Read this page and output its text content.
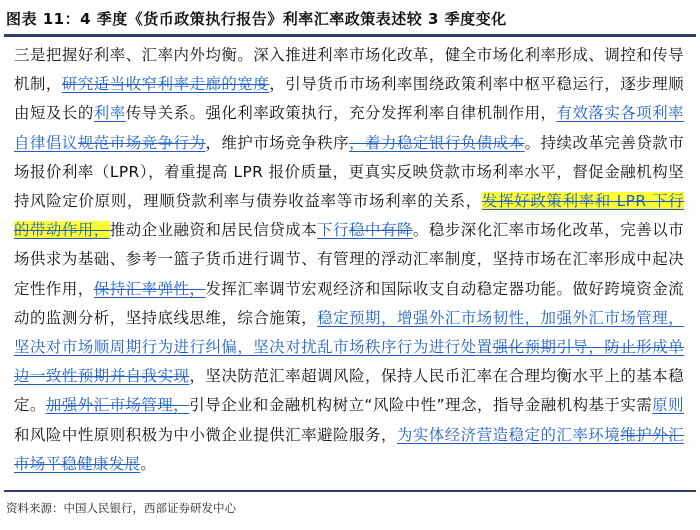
图表 11：4 季度《货币政策执行报告》利率汇率政策表述较 3 季度变化
三是把握好利率、汇率内外均衡。深入推进利率市场化改革，健全市场化利率形成、调控和传导机制，研究适当收窄利率走廊的宽度，引导货币市场利率围绕政策利率中枢平稳运行，逐步理顺由短及长的利率传导关系。强化利率政策执行，充分发挥利率自律机制作用，有效落实各项利率自律倡议规范市场竞争行为，维护市场竞争秩序，着力稳定银行负债成本。持续改革完善贷款市场报价利率（LPR），着重提高 LPR 报价质量，更真实反映贷款市场利率水平，督促金融机构坚持风险定价原则，理顺贷款利率与债券收益率等市场利率的关系，发挥好政策利率和 LPR 下行的带动作用，推动企业融资和居民信贷成本下行稳中有降。稳步深化汇率市场化改革，完善以市场供求为基础、参考一篮子货币进行调节、有管理的浮动汇率制度，坚持市场在汇率形成中起决定性作用，保持汇率弹性，发挥汇率调节宏观经济和国际收支自动稳定器功能。做好跨境资金流动的监测分析，坚持底线思维，综合施策，稳定预期，增强外汇市场韧性，加强外汇市场管理，坚决对市场顺周期行为进行纠偏，坚决对扰乱市场秩序行为进行处置强化预期引导，防止形成单边一致性预期并自我实现，坚决防范汇率超调风险，保持人民币汇率在合理均衡水平上的基本稳定。加强外汇市场管理，引导企业和金融机构树立“风险中性”理念，指导金融机构基于实需原则和风险中性原则积极为中小微企业提供汇率避险服务，为实体经济营造稳定的汇率环境维护外汇市场平稳健康发展。
资料来源：中国人民银行，西部证券研发中心
